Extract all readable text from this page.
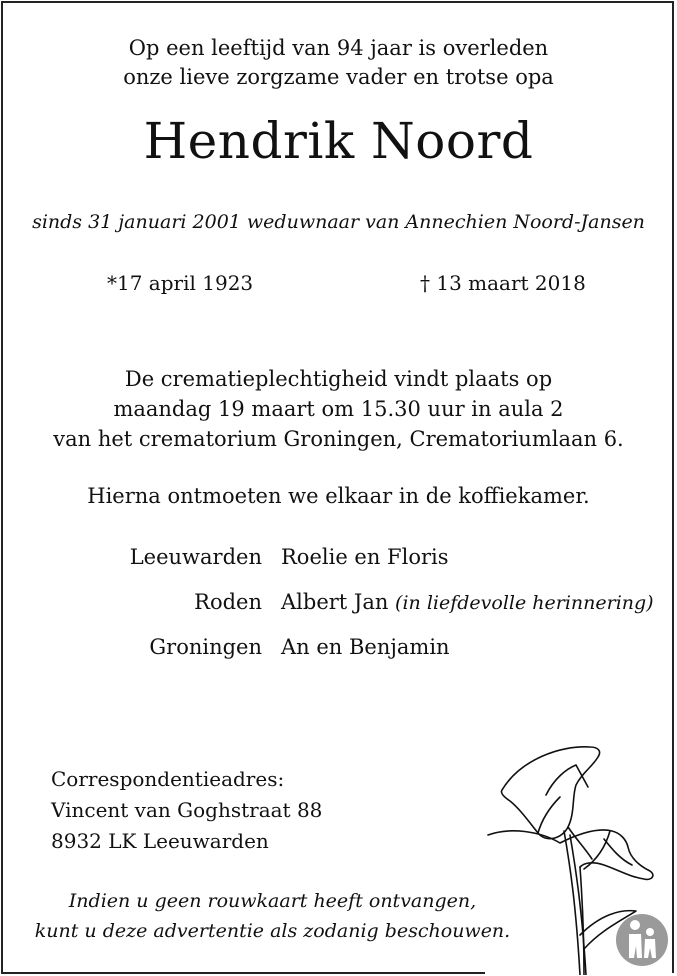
Op een leeftijd van 94 jaar is overleden
onze lieve zorgzame vader en trotse opa
Hendrik Noord
sinds 31 januari 2001 weduwnaar van Annechien Noord-Jansen
*17 april 1923	† 13 maart 2018
De crematieplechtigheid vindt plaats op
maandag 19 maart om 15.30 uur in aula 2
van het crematorium Groningen, Crematoriumlaan 6.
Hierna ontmoeten we elkaar in de koffiekamer.
Leeuwarden Roelie en Floris
Roden Albert Jan (in liefdevolle herinnering)
Groningen An en Benjamin
Correspondentieadres:
Vincent van Goghstraat 88
8932 LK Leeuwarden
Indien u geen rouwkaart heeft ontvangen,
kunt u deze advertentie als zodanig beschouwen.
